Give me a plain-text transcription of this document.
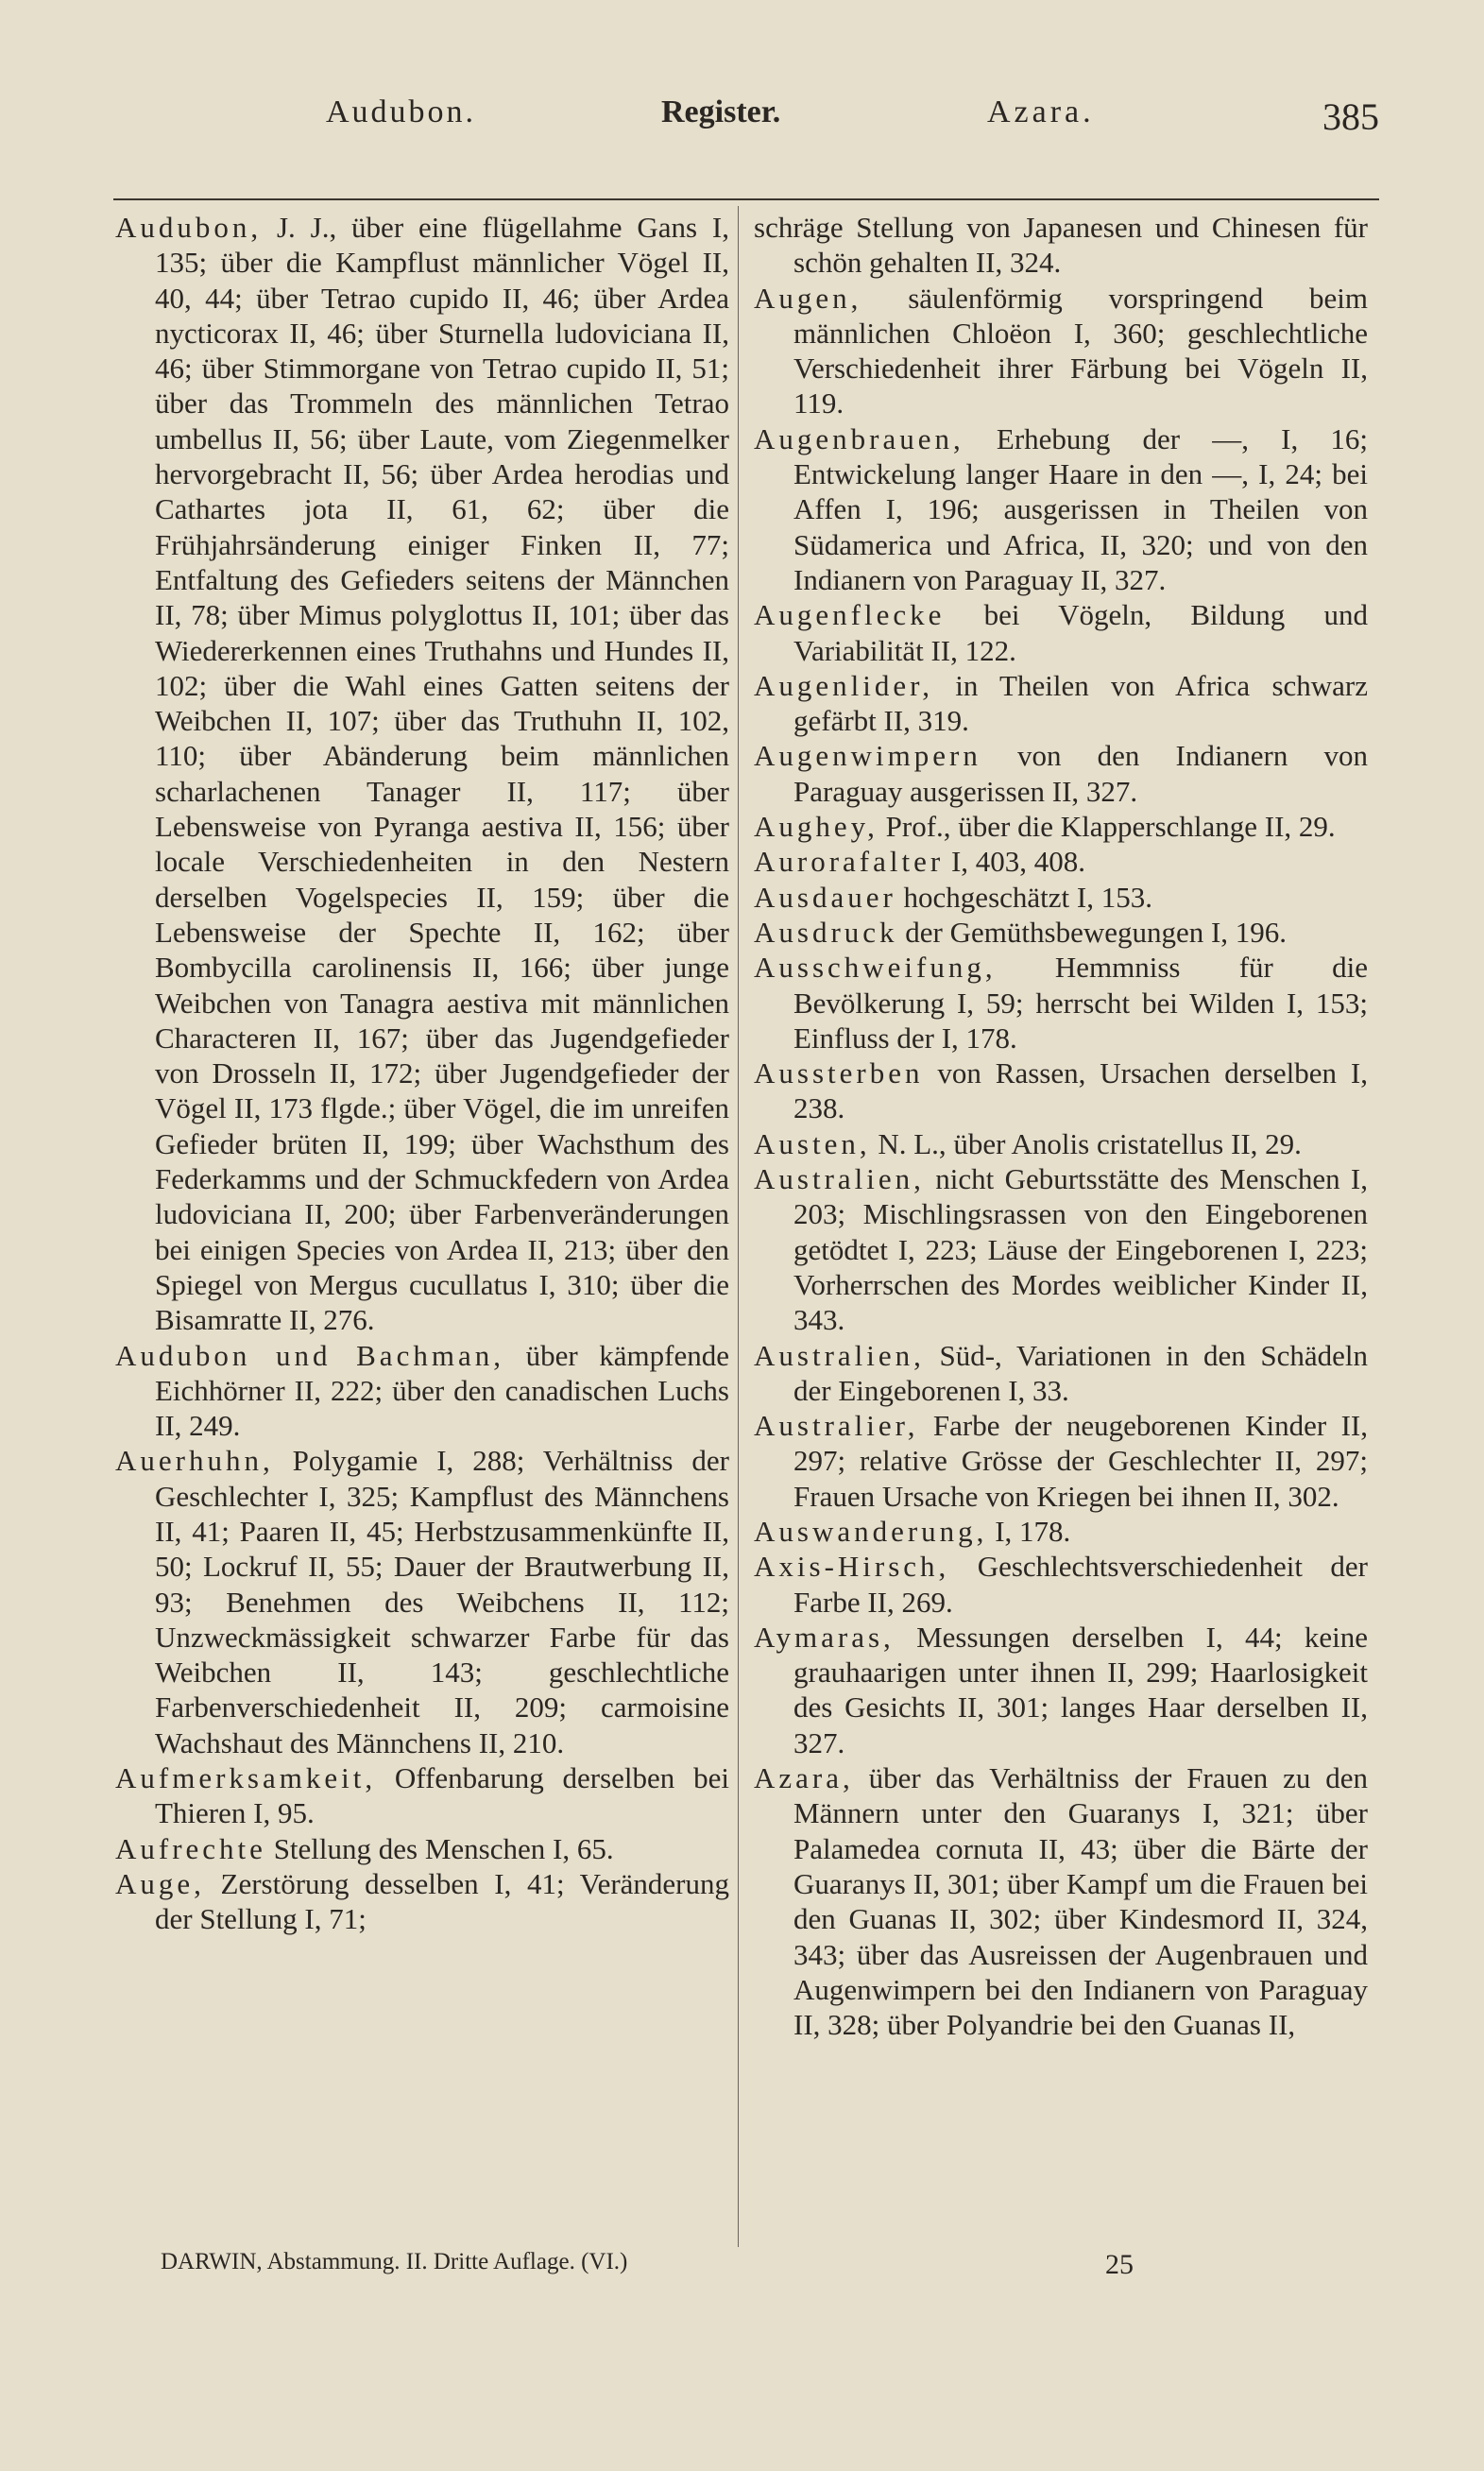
Audubon.	Register.	Azara.	385

Audubon, J. J., über eine flügellahme Gans I, 135; über die Kampflust männlicher Vögel II, 40, 44; über Tetrao cupido II, 46; über Ardea nycticorax II, 46; über Sturnella ludoviciana II, 46; über Stimmorgane von Tetrao cupido II, 51; über das Trommeln des männlichen Tetrao umbellus II, 56; über Laute, vom Ziegenmelker hervorgebracht II, 56; über Ardea herodias und Cathartes jota II, 61, 62; über die Frühjahrsänderung einiger Finken II, 77; Entfaltung des Gefieders seitens der Männchen II, 78; über Mimus polyglottus II, 101; über das Wiedererkennen eines Truthahns und Hundes II, 102; über die Wahl eines Gatten seitens der Weibchen II, 107; über das Truthuhn II, 102, 110; über Abänderung beim männlichen scharlachenen Tanager II, 117; über Lebensweise von Pyranga aestiva II, 156; über locale Verschiedenheiten in den Nestern derselben Vogelspecies II, 159; über die Lebensweise der Spechte II, 162; über Bombycilla carolinensis II, 166; über junge Weibchen von Tanagra aestiva mit männlichen Characteren II, 167; über das Jugendgefieder von Drosseln II, 172; über Jugendgefieder der Vögel II, 173 flgde.; über Vögel, die im unreifen Gefieder brüten II, 199; über Wachsthum des Federkamms und der Schmuckfedern von Ardea ludoviciana II, 200; über Farbenveränderungen bei einigen Species von Ardea II, 213; über den Spiegel von Mergus cucullatus I, 310; über die Bisamratte II, 276.

Audubon und Bachman, über kämpfende Eichhörner II, 222; über den canadischen Luchs II, 249.

Auerhuhn, Polygamie I, 288; Verhältniss der Geschlechter I, 325; Kampflust des Männchens II, 41; Paaren II, 45; Herbstzusammenkünfte II, 50; Lockruf II, 55; Dauer der Brautwerbung II, 93; Benehmen des Weibchens II, 112; Unzweckmässigkeit schwarzer Farbe für das Weibchen II, 143; geschlechtliche Farbenverschiedenheit II, 209; carmoisine Wachshaut des Männchens II, 210.

Aufmerksamkeit, Offenbarung derselben bei Thieren I, 95.

Aufrechte Stellung des Menschen I, 65.

Auge, Zerstörung desselben I, 41; Veränderung der Stellung I, 71;

schräge Stellung von Japanesen und Chinesen für schön gehalten II, 324.

Augen, säulenförmig vorspringend beim männlichen Chloëon I, 360; geschlechtliche Verschiedenheit ihrer Färbung bei Vögeln II, 119.

Augenbrauen, Erhebung der —, I, 16; Entwickelung langer Haare in den —, I, 24; bei Affen I, 196; ausgerissen in Theilen von Südamerica und Africa, II, 320; und von den Indianern von Paraguay II, 327.

Augenflecke bei Vögeln, Bildung und Variabilität II, 122.

Augenlider, in Theilen von Africa schwarz gefärbt II, 319.

Augenwimpern von den Indianern von Paraguay ausgerissen II, 327.

Aughey, Prof., über die Klapperschlange II, 29.

Aurorafalter I, 403, 408.

Ausdauer hochgeschätzt I, 153.

Ausdruck der Gemüthsbewegungen I, 196.

Ausschweifung, Hemmniss für die Bevölkerung I, 59; herrscht bei Wilden I, 153; Einfluss der I, 178.

Aussterben von Rassen, Ursachen derselben I, 238.

Austen, N. L., über Anolis cristatellus II, 29.

Australien, nicht Geburtsstätte des Menschen I, 203; Mischlingsrassen von den Eingeborenen getödtet I, 223; Läuse der Eingeborenen I, 223; Vorherrschen des Mordes weiblicher Kinder II, 343.

Australien, Süd-, Variationen in den Schädeln der Eingeborenen I, 33.

Australier, Farbe der neugeborenen Kinder II, 297; relative Grösse der Geschlechter II, 297; Frauen Ursache von Kriegen bei ihnen II, 302.

Auswanderung, I, 178.

Axis-Hirsch, Geschlechtsverschiedenheit der Farbe II, 269.

Aymaras, Messungen derselben I, 44; keine grauhaarigen unter ihnen II, 299; Haarlosigkeit des Gesichts II, 301; langes Haar derselben II, 327.

Azara, über das Verhältniss der Frauen zu den Männern unter den Guaranys I, 321; über Palamedea cornuta II, 43; über die Bärte der Guaranys II, 301; über Kampf um die Frauen bei den Guanas II, 302; über Kindesmord II, 324, 343; über das Ausreissen der Augenbrauen und Augenwimpern bei den Indianern von Paraguay II, 328; über Polyandrie bei den Guanas II,

DARWIN, Abstammung. II. Dritte Auflage. (VI.)	25
